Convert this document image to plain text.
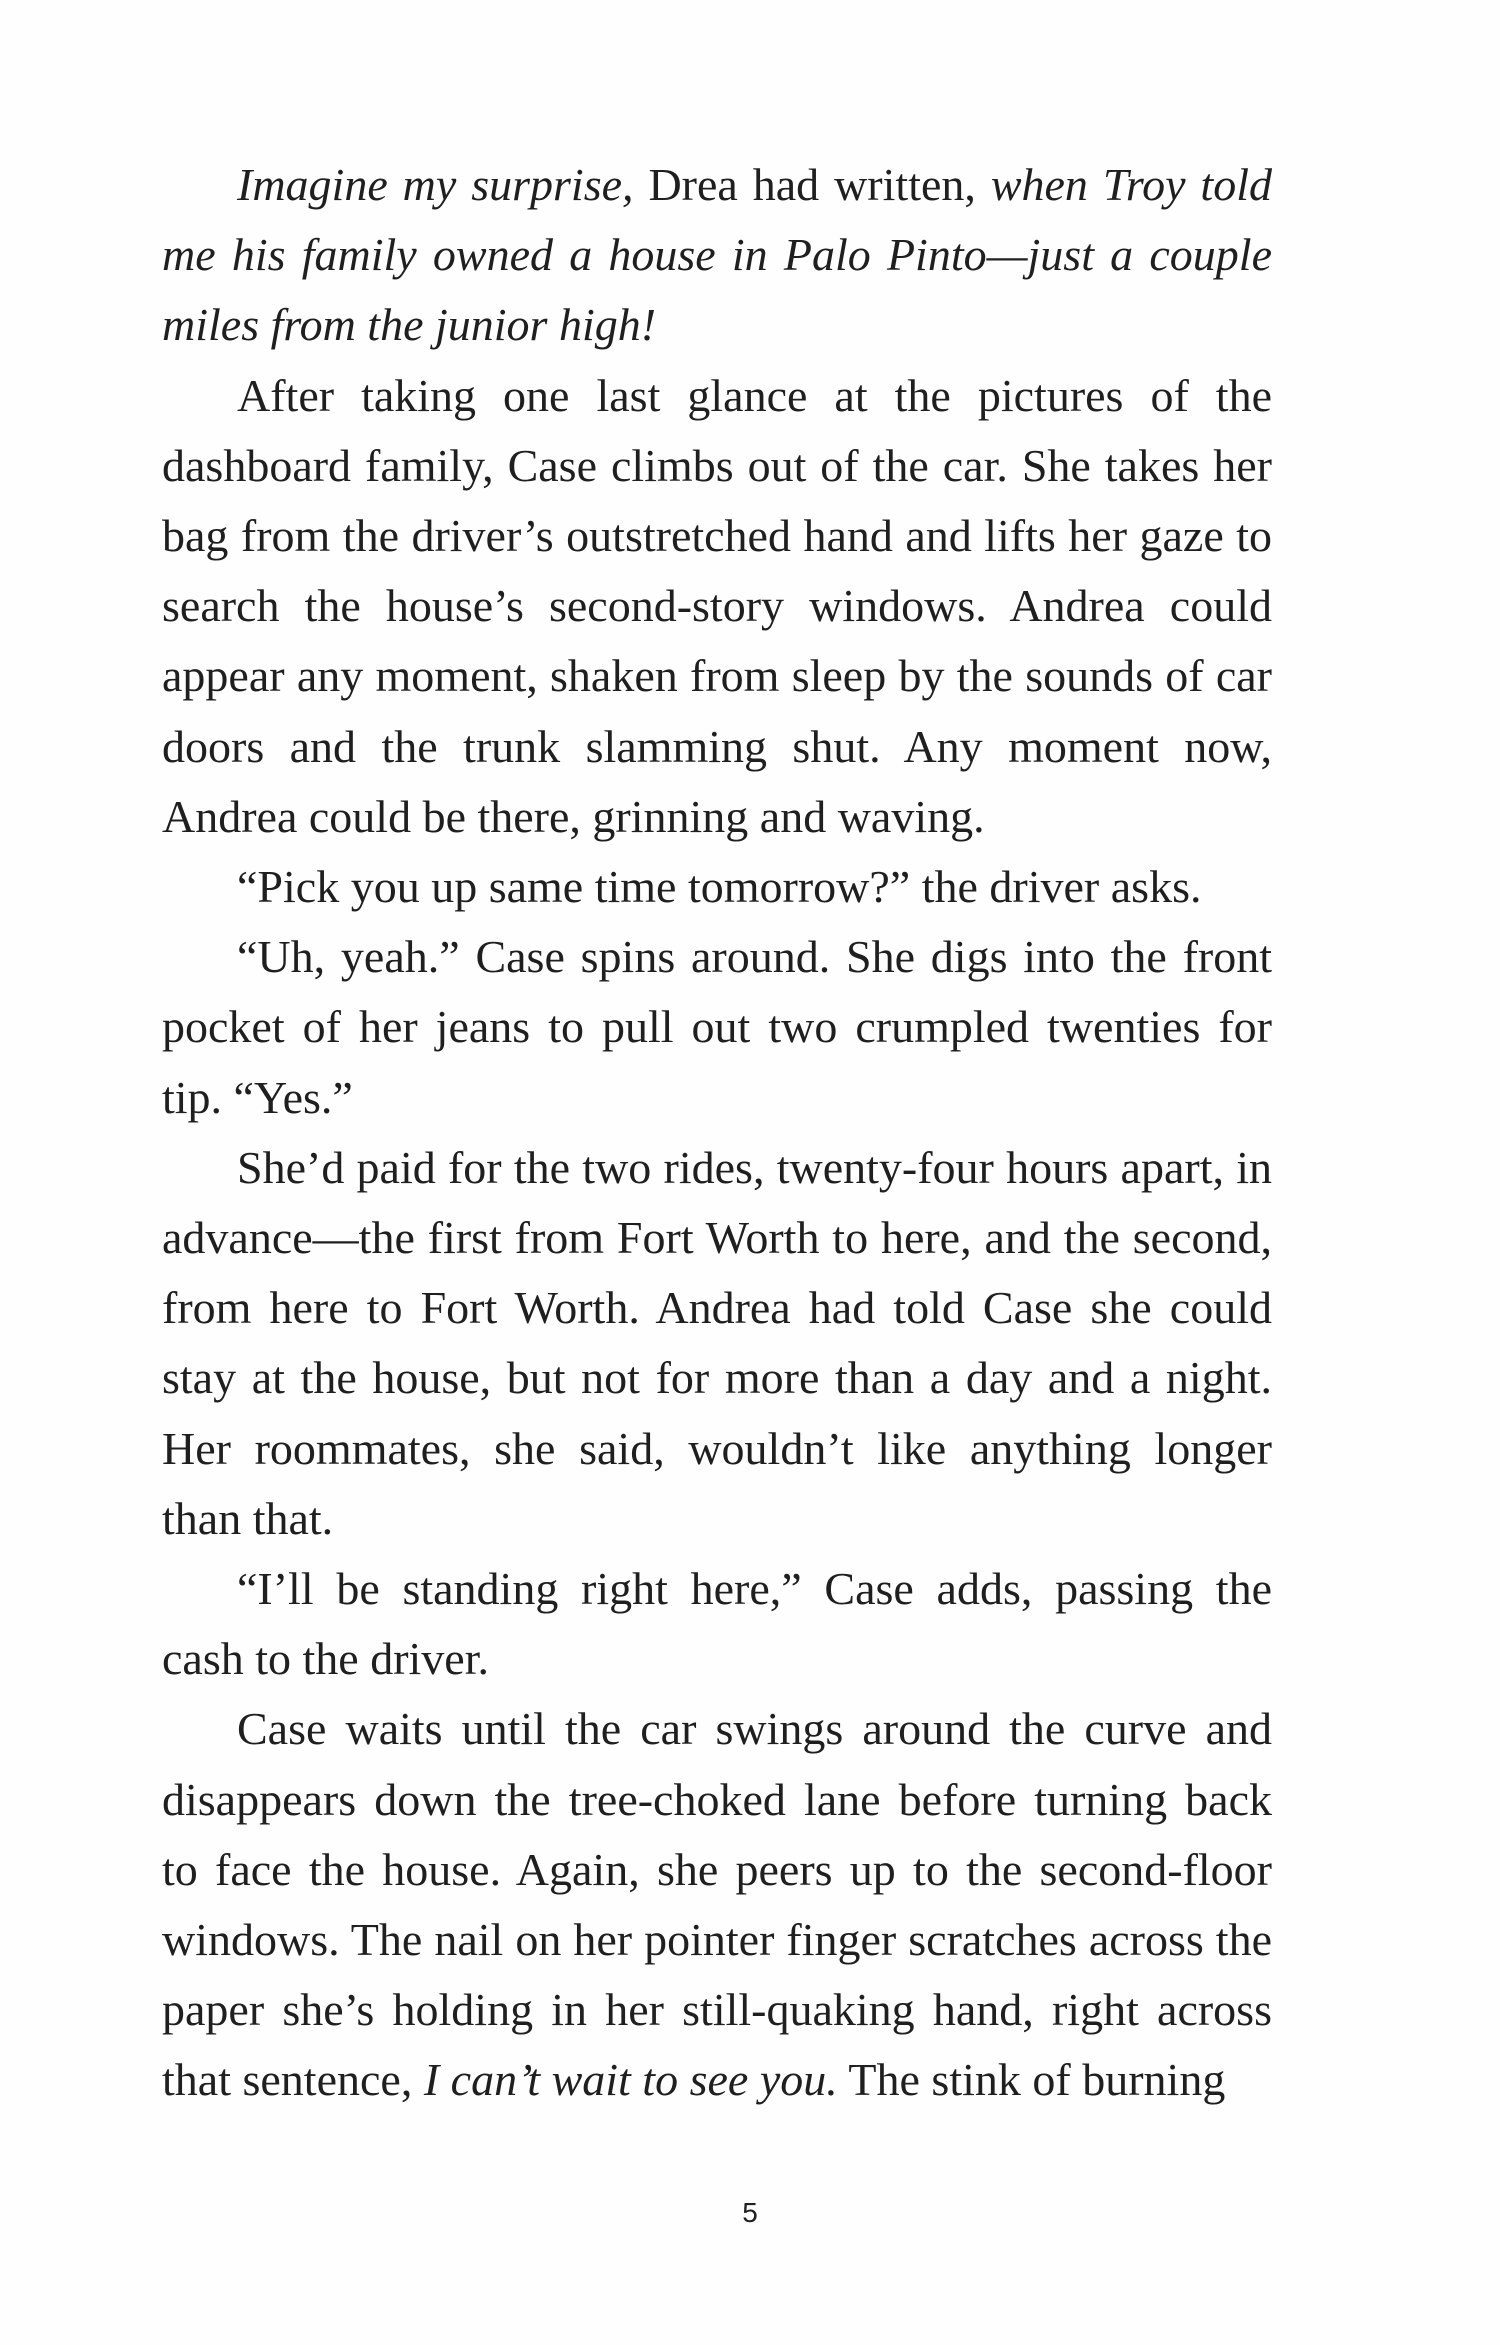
Imagine my surprise, Drea had written, when Troy told me his family owned a house in Palo Pinto—just a couple miles from the junior high!

After taking one last glance at the pictures of the dashboard family, Case climbs out of the car. She takes her bag from the driver’s outstretched hand and lifts her gaze to search the house’s second-story windows. Andrea could appear any moment, shaken from sleep by the sounds of car doors and the trunk slamming shut. Any moment now, Andrea could be there, grinning and waving.

“Pick you up same time tomorrow?” the driver asks.

“Uh, yeah.” Case spins around. She digs into the front pocket of her jeans to pull out two crumpled twenties for tip. “Yes.”

She’d paid for the two rides, twenty-four hours apart, in advance—the first from Fort Worth to here, and the second, from here to Fort Worth. Andrea had told Case she could stay at the house, but not for more than a day and a night. Her roommates, she said, wouldn’t like anything longer than that.

“I’ll be standing right here,” Case adds, passing the cash to the driver.

Case waits until the car swings around the curve and disappears down the tree-choked lane before turning back to face the house. Again, she peers up to the second-floor windows. The nail on her pointer finger scratches across the paper she’s holding in her still-quaking hand, right across that sentence, I can’t wait to see you. The stink of burning

5
